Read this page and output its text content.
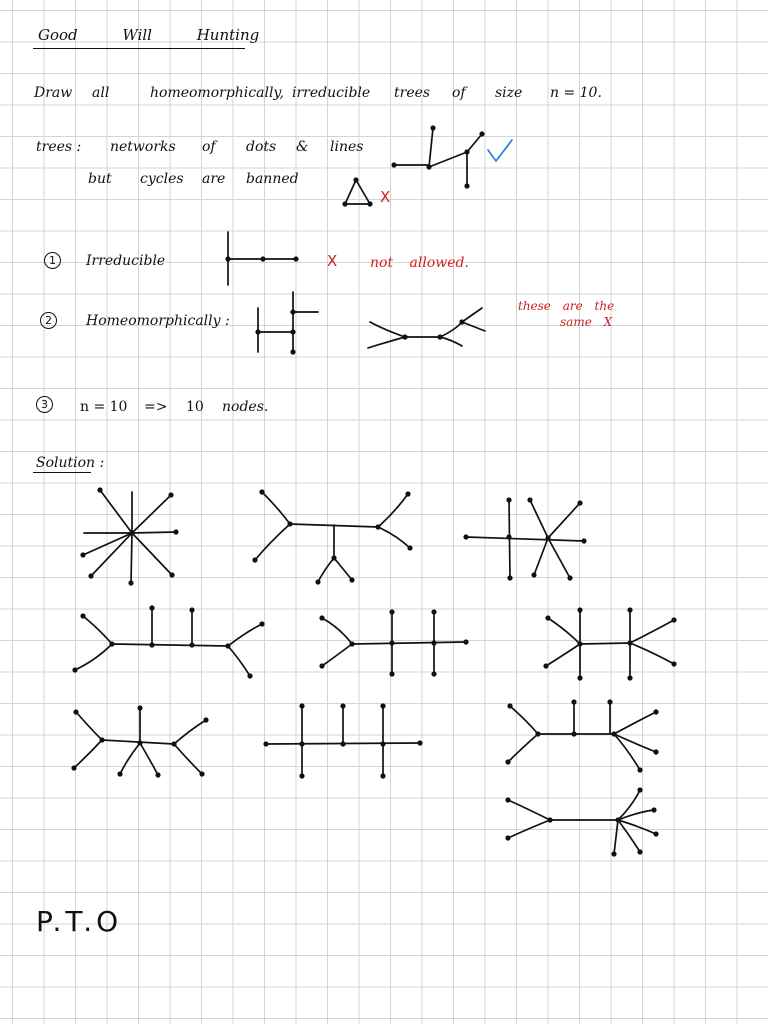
Good Will Hunting
Draw all	homeomorphically, irreducible trees of size n = 10.
trees : networks of dots & lines
but cycles are banned
X
1	Irreducible	X not allowed.
2	Homeomorphically :
these are the
same X
3	n = 10 => 10 nodes.
Solution :
P.T.O
